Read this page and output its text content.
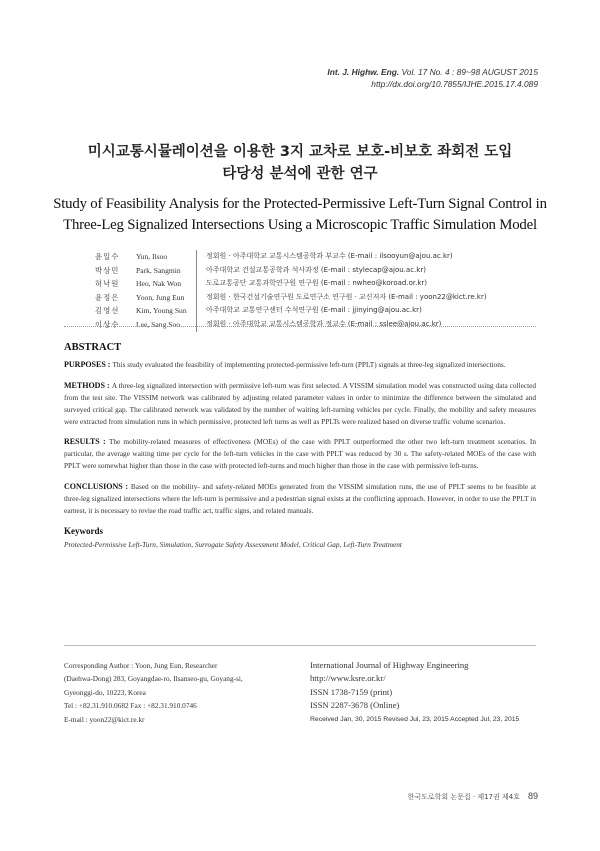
Int. J. Highw. Eng. Vol. 17 No. 4 : 89~98 AUGUST 2015
http://dx.doi.org/10.7855/IJHE.2015.17.4.089
미시교통시뮬레이션을 이용한 3지 교차로 보호-비보호 좌회전 도입
타당성 분석에 관한 연구
Study of Feasibility Analysis for the Protected-Permissive Left-Turn Signal Control in
Three-Leg Signalized Intersections Using a Microscopic Traffic Simulation Model
윤일수	Yun, Ilsoo	정회원 · 아주대학교 교통시스템공학과 부교수 (E-mail : ilsooyun@ajou.ac.kr)
박상민	Park, Sangmin	아주대학교 건설교통공학과 석사과정 (E-mail : stylecap@ajou.ac.kr)
허낙원	Heo, Nak Won	도로교통공단 교통과학연구원 연구원 (E-mail : nwheo@koroad.or.kr)
윤정은	Yoon, Jung Eun	정회원 · 한국건설기술연구원 도로연구소 연구원 · 교신저자 (E-mail : yoon22@kict.re.kr)
김영선	Kim, Young Sun	아주대학교 교통연구센터 수석연구원 (E-mail : jjinying@ajou.ac.kr)
이상수	Lee, Sang Soo	정회원 · 아주대학교 교통시스템공학과 정교수 (E-mail : sslee@ajou.ac.kr)
ABSTRACT

PURPOSES : This study evaluated the feasibility of implementing protected-permissive left-turn (PPLT) signals at three-leg signalized intersections.

METHODS : A three-leg signalized intersection with permissive left-turn was first selected. A VISSIM simulation model was constructed using data collected from the test site. The VISSIM network was calibrated by adjusting related parameter values in order to minimize the difference between the simulated and surveyed critical gap. The calibrated network was validated by the number of waiting left-turning vehicles per cycle. Finally, the mobility and safety measures were extracted from simulation runs in which permissive, protected left turns as well as PPLTs were realized based on diverse traffic volume scenarios.

RESULTS : The mobility-related measures of effectiveness (MOEs) of the case with PPLT outperformed the other two left-turn treatment scenarios. In particular, the average waiting time per cycle for the left-turn vehicles in the case with PPLT was reduced by 30 s. The safety-related MOEs of the case with PPLT were somewhat higher than those in the case with protected left-turns and much higher than those in the case with permissive left-turns.

CONCLUSIONS : Based on the mobility- and safety-related MOEs generated from the VISSIM simulation runs, the use of PPLT seems to be feasible at three-leg signalized intersections where the left-turn is permissive and a pedestrian signal exists at the conflicting approach. However, in order to use the PPLT in earnest, it is necessary to revise the road traffic act, traffic signs, and related manuals.

Keywords
Protected-Permissive Left-Turn, Simulation, Surrogate Safety Assessment Model, Critical Gap, Left-Turn Treatment
Corresponding Author : Yoon, Jung Eun, Researcher
(Daehwa-Dong) 283, Goyangdae-ro, Ilsanseo-gu, Goyang-si,
Gyeonggi-do, 10223, Korea
Tel : +82.31.910.0682 Fax : +82.31.910.0746
E-mail : yoon22@kict.re.kr
International Journal of Highway Engineering
http://www.ksre.or.kr/
ISSN 1738-7159 (print)
ISSN 2287-3678 (Online)
Received Jan, 30, 2015 Revised Jul, 23, 2015 Accepted Jul, 23, 2015
한국도로학회 논문집 · 제17권 제4호 89
